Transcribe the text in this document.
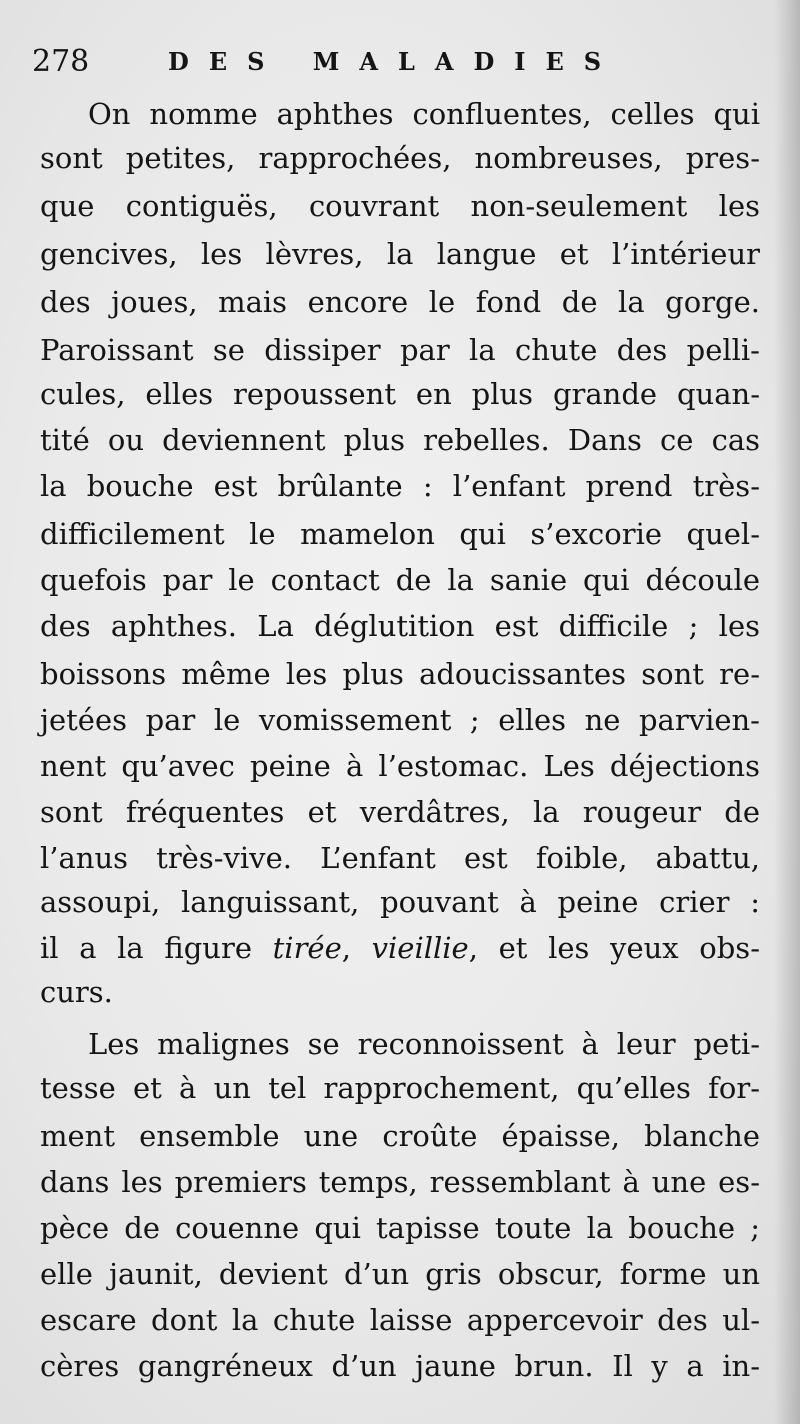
278	DES MALADIES

On nomme aphthes confluentes, celles qui

sont petites, rapprochées, nombreuses, pres-

que contiguës, couvrant non-seulement les

gencives, les lèvres, la langue et l’intérieur

des joues, mais encore le fond de la gorge.

Paroissant se dissiper par la chute des pelli-

cules, elles repoussent en plus grande quan-

tité ou deviennent plus rebelles. Dans ce cas

la bouche est brûlante : l’enfant prend très-

difficilement le mamelon qui s’excorie quel-

quefois par le contact de la sanie qui découle

des aphthes. La déglutition est difficile ; les

boissons même les plus adoucissantes sont re-

jetées par le vomissement ; elles ne parvien-

nent qu’avec peine à l’estomac. Les déjections

sont fréquentes et verdâtres, la rougeur de

l’anus très-vive. L’enfant est foible, abattu,

assoupi, languissant, pouvant à peine crier :

il a la figure tirée, vieillie, et les yeux obs-

curs.

Les malignes se reconnoissent à leur peti-

tesse et à un tel rapprochement, qu’elles for-

ment ensemble une croûte épaisse, blanche

dans les premiers temps, ressemblant à une es-

pèce de couenne qui tapisse toute la bouche ;

elle jaunit, devient d’un gris obscur, forme un

escare dont la chute laisse appercevoir des ul-

cères gangréneux d’un jaune brun. Il y a in-
